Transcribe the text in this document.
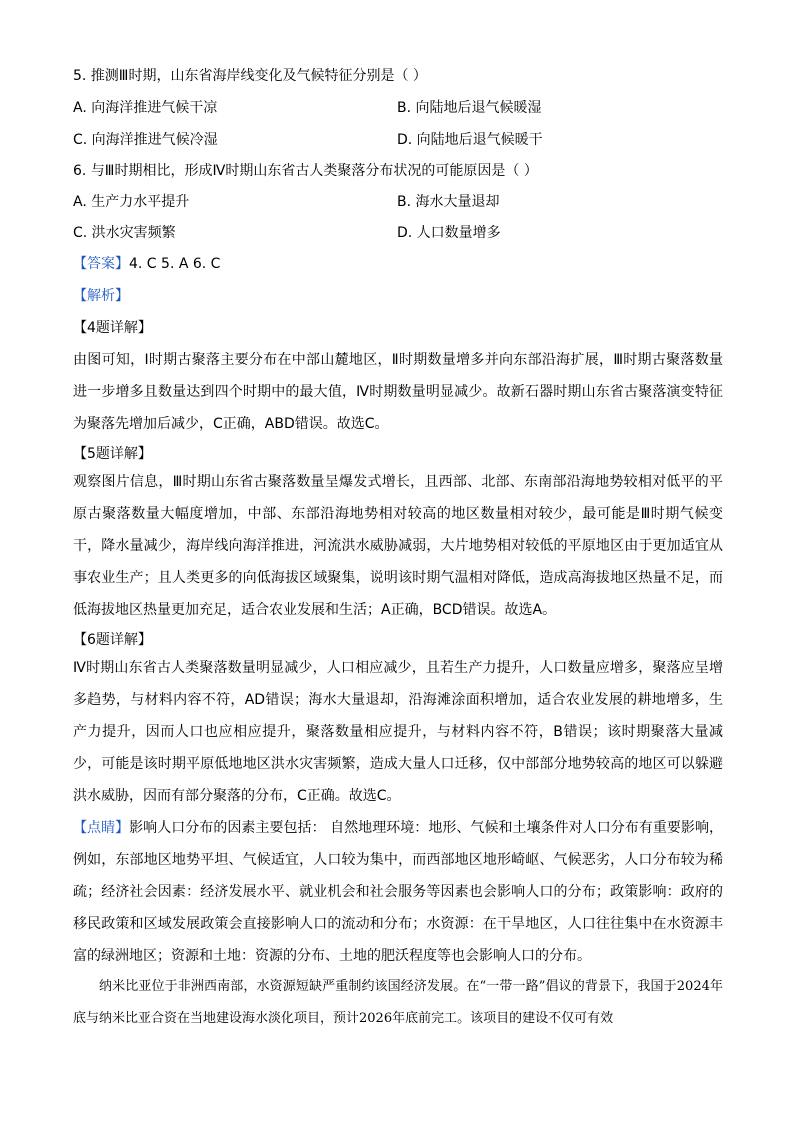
5. 推测Ⅲ时期，山东省海岸线变化及气候特征分别是（ ）
A. 向海洋推进气候干凉	B. 向陆地后退气候暖湿
C. 向海洋推进气候冷湿	D. 向陆地后退气候暖干
6. 与Ⅲ时期相比，形成Ⅳ时期山东省古人类聚落分布状况的可能原因是（ ）
A. 生产力水平提升	B. 海水大量退却
C. 洪水灾害频繁	D. 人口数量增多
【答案】4. C 5. A 6. C
【解析】
【4题详解】
由图可知，Ⅰ时期古聚落主要分布在中部山麓地区，Ⅱ时期数量增多并向东部沿海扩展，Ⅲ时期古聚落数量进一步增多且数量达到四个时期中的最大值，Ⅳ时期数量明显减少。故新石器时期山东省古聚落演变特征为聚落先增加后减少，C正确，ABD错误。故选C。
【5题详解】
观察图片信息，Ⅲ时期山东省古聚落数量呈爆发式增长，且西部、北部、东南部沿海地势较相对低平的平原古聚落数量大幅度增加，中部、东部沿海地势相对较高的地区数量相对较少，最可能是Ⅲ时期气候变干，降水量减少，海岸线向海洋推进，河流洪水威胁减弱，大片地势相对较低的平原地区由于更加适宜从事农业生产；且人类更多的向低海拔区域聚集，说明该时期气温相对降低，造成高海拔地区热量不足，而低海拔地区热量更加充足，适合农业发展和生活；A正确，BCD错误。故选A。
【6题详解】
Ⅳ时期山东省古人类聚落数量明显减少，人口相应减少，且若生产力提升，人口数量应增多，聚落应呈增多趋势，与材料内容不符，AD错误；海水大量退却，沿海滩涂面积增加，适合农业发展的耕地增多，生产力提升，因而人口也应相应提升，聚落数量相应提升，与材料内容不符，B错误；该时期聚落大量减少，可能是该时期平原低地地区洪水灾害频繁，造成大量人口迁移，仅中部部分地势较高的地区可以躲避洪水威胁，因而有部分聚落的分布，C正确。故选C。
【点睛】影响人口分布的因素主要包括： 自然地理环境：地形、气候和土壤条件对人口分布有重要影响，例如，东部地区地势平坦、气候适宜，人口较为集中，而西部地区地形崎岖、气候恶劣，人口分布较为稀疏；经济社会因素：经济发展水平、就业机会和社会服务等因素也会影响人口的分布；政策影响：政府的移民政策和区域发展政策会直接影响人口的流动和分布；水资源：在干旱地区，人口往往集中在水资源丰富的绿洲地区；资源和土地：资源的分布、土地的肥沃程度等也会影响人口的分布。
纳米比亚位于非洲西南部，水资源短缺严重制约该国经济发展。在“一带一路”倡议的背景下，我国于2024年底与纳米比亚合资在当地建设海水淡化项目，预计2026年底前完工。该项目的建设不仅可有效
